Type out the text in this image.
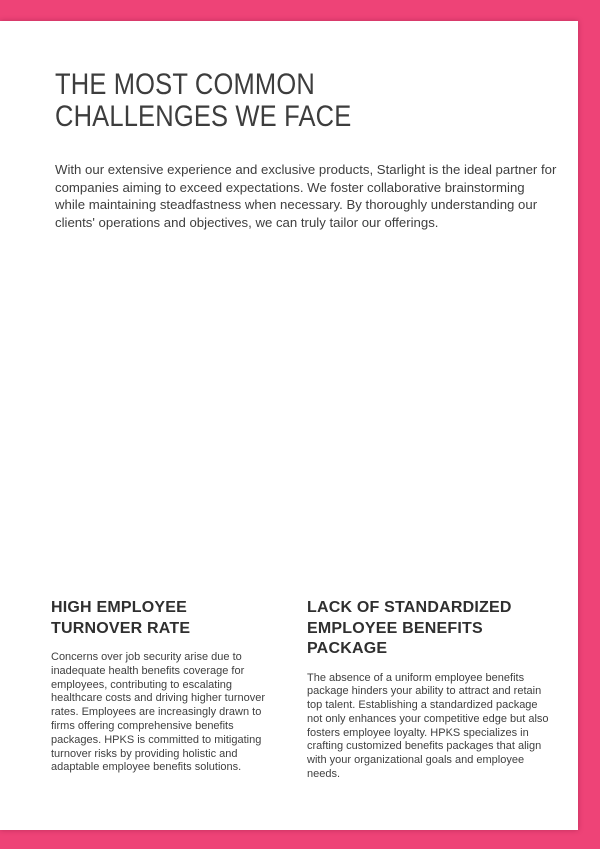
THE MOST COMMON CHALLENGES WE FACE

With our extensive experience and exclusive products, Starlight is the ideal partner for companies aiming to exceed expectations. We foster collaborative brainstorming while maintaining steadfastness when necessary. By thoroughly understanding our clients' operations and objectives, we can truly tailor our offerings.

HIGH EMPLOYEE TURNOVER RATE

Concerns over job security arise due to inadequate health benefits coverage for employees, contributing to escalating healthcare costs and driving higher turnover rates. Employees are increasingly drawn to firms offering comprehensive benefits packages. HPKS is committed to mitigating turnover risks by providing holistic and adaptable employee benefits solutions.

LACK OF STANDARDIZED EMPLOYEE BENEFITS PACKAGE

The absence of a uniform employee benefits package hinders your ability to attract and retain top talent. Establishing a standardized package not only enhances your competitive edge but also fosters employee loyalty. HPKS specializes in crafting customized benefits packages that align with your organizational goals and employee needs.
